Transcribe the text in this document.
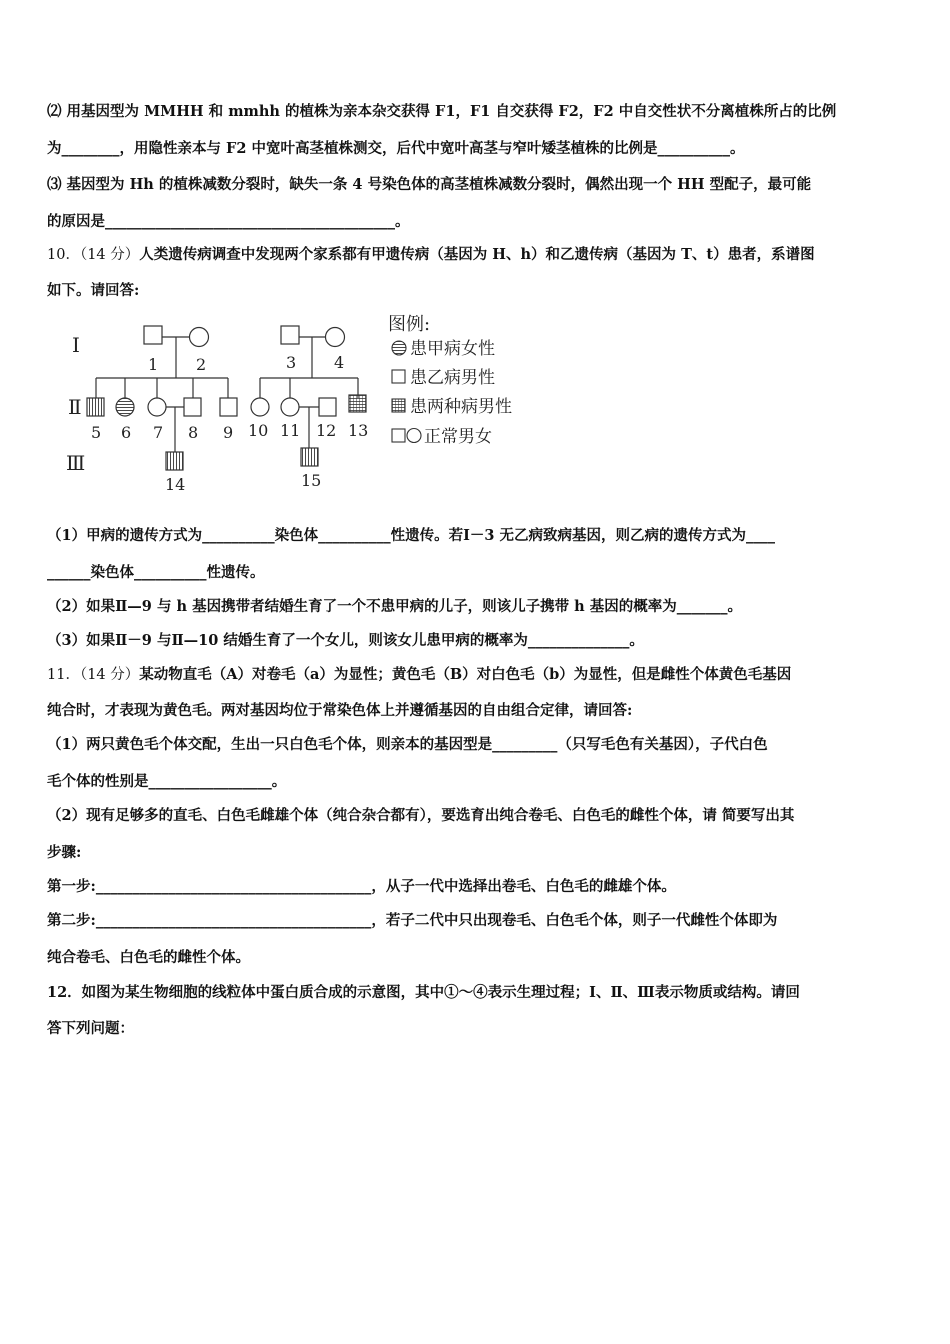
⑵ 用基因型为 MMHH 和 mmhh 的植株为亲本杂交获得 F1，F1 自交获得 F2，F2 中自交性状不分离植株所占的比例
为________，用隐性亲本与 F2 中宽叶高茎植株测交，后代中宽叶高茎与窄叶矮茎植株的比例是__________。
⑶ 基因型为 Hh 的植株减数分裂时，缺失一条 4 号染色体的高茎植株减数分裂时，偶然出现一个 HH 型配子，最可能
的原因是________________________________________。
10．（14 分）人类遗传病调查中发现两个家系都有甲遗传病（基因为 H、h）和乙遗传病（基因为 T、t）患者，系谱图
如下。请回答:
Ⅰ
Ⅱ
Ⅲ
1 2	3 4
5 6 7 8 9 10 11 12 13
14	15
图例:
患甲病女性
患乙病男性
患两种病男性
正常男女
（1）甲病的遗传方式为__________染色体__________性遗传。若Ⅰ－3 无乙病致病基因，则乙病的遗传方式为____
______染色体__________性遗传。
（2）如果Ⅱ—9 与 h 基因携带者结婚生育了一个不患甲病的儿子，则该儿子携带 h 基因的概率为_______。
（3）如果Ⅱ－9 与Ⅱ—10 结婚生育了一个女儿，则该女儿患甲病的概率为______________。
11．（14 分）某动物直毛（A）对卷毛（a）为显性；黄色毛（B）对白色毛（b）为显性，但是雌性个体黄色毛基因
纯合时，才表现为黄色毛。两对基因均位于常染色体上并遵循基因的自由组合定律，请回答:
（1）两只黄色毛个体交配，生出一只白色毛个体，则亲本的基因型是_________（只写毛色有关基因），子代白色
毛个体的性别是_________________。
（2）现有足够多的直毛、白色毛雌雄个体（纯合杂合都有），要选育出纯合卷毛、白色毛的雌性个体，请 简要写出其
步骤:
第一步:______________________________________，从子一代中选择出卷毛、白色毛的雌雄个体。
第二步:______________________________________，若子二代中只出现卷毛、白色毛个体，则子一代雌性个体即为
纯合卷毛、白色毛的雌性个体。
12．如图为某生物细胞的线粒体中蛋白质合成的示意图，其中①～④表示生理过程；Ⅰ、Ⅱ、Ⅲ表示物质或结构。请回
答下列问题：
